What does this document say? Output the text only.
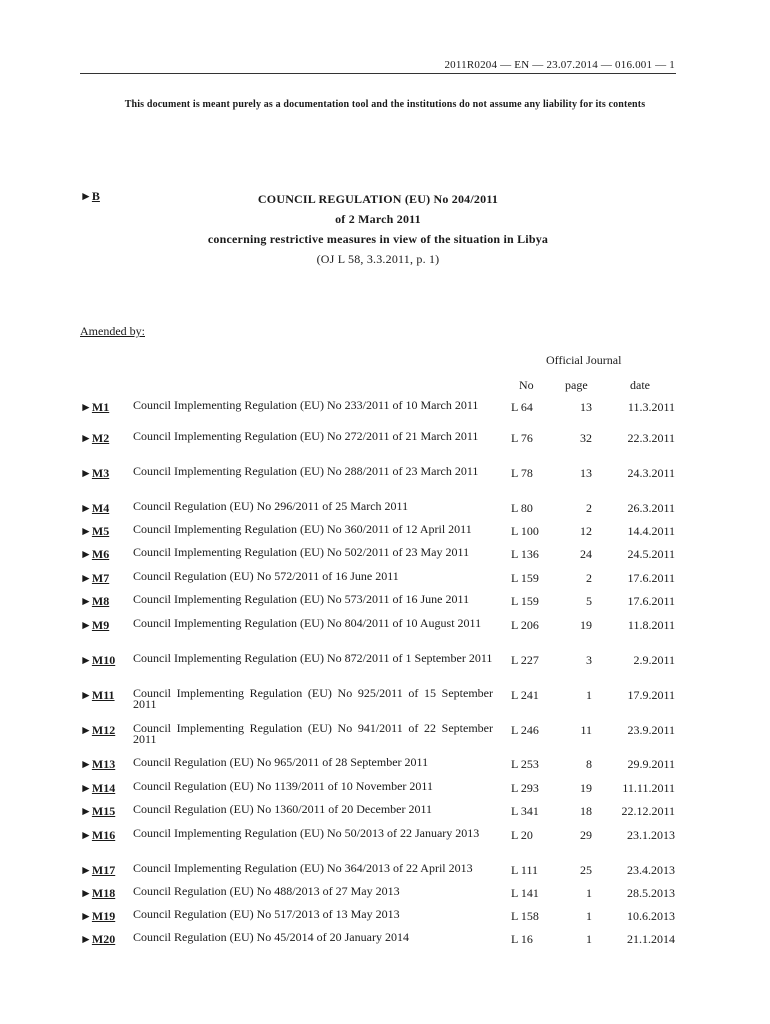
2011R0204 — EN — 23.07.2014 — 016.001 — 1
This document is meant purely as a documentation tool and the institutions do not assume any liability for its contents
►B	COUNCIL REGULATION (EU) No 204/2011
of 2 March 2011
concerning restrictive measures in view of the situation in Libya
(OJ L 58, 3.3.2011, p. 1)
Amended by:
Official Journal
No	page	date
►M1 Council Implementing Regulation (EU) No 233/2011 of 10 March 2011	L 64	13	11.3.2011
►M2 Council Implementing Regulation (EU) No 272/2011 of 21 March 2011	L 76	32	22.3.2011
►M3 Council Implementing Regulation (EU) No 288/2011 of 23 March 2011	L 78	13	24.3.2011
►M4 Council Regulation (EU) No 296/2011 of 25 March 2011	L 80	2	26.3.2011
►M5 Council Implementing Regulation (EU) No 360/2011 of 12 April 2011	L 100	12	14.4.2011
►M6 Council Implementing Regulation (EU) No 502/2011 of 23 May 2011	L 136	24	24.5.2011
►M7 Council Regulation (EU) No 572/2011 of 16 June 2011	L 159	2	17.6.2011
►M8 Council Implementing Regulation (EU) No 573/2011 of 16 June 2011	L 159	5	17.6.2011
►M9 Council Implementing Regulation (EU) No 804/2011 of 10 August 2011	L 206	19	11.8.2011
►M10 Council Implementing Regulation (EU) No 872/2011 of 1 September 2011 L 227	3	2.9.2011
►M11 Council Implementing Regulation (EU) No 925/2011 of 15 September 2011
L 241	1	17.9.2011
►M12 Council Implementing Regulation (EU) No 941/2011 of 22 September 2011
L 246	11	23.9.2011
►M13 Council Regulation (EU) No 965/2011 of 28 September 2011	L 253	8	29.9.2011
►M14 Council Regulation (EU) No 1139/2011 of 10 November 2011	L 293	19	11.11.2011
►M15 Council Regulation (EU) No 1360/2011 of 20 December 2011	L 341	18 22.12.2011
►M16 Council Implementing Regulation (EU) No 50/2013 of 22 January 2013	L 20	29	23.1.2013
►M17 Council Implementing Regulation (EU) No 364/2013 of 22 April 2013	L 111	25	23.4.2013
►M18 Council Regulation (EU) No 488/2013 of 27 May 2013	L 141	1	28.5.2013
►M19 Council Regulation (EU) No 517/2013 of 13 May 2013	L 158	1	10.6.2013
►M20 Council Regulation (EU) No 45/2014 of 20 January 2014	L 16	1	21.1.2014
